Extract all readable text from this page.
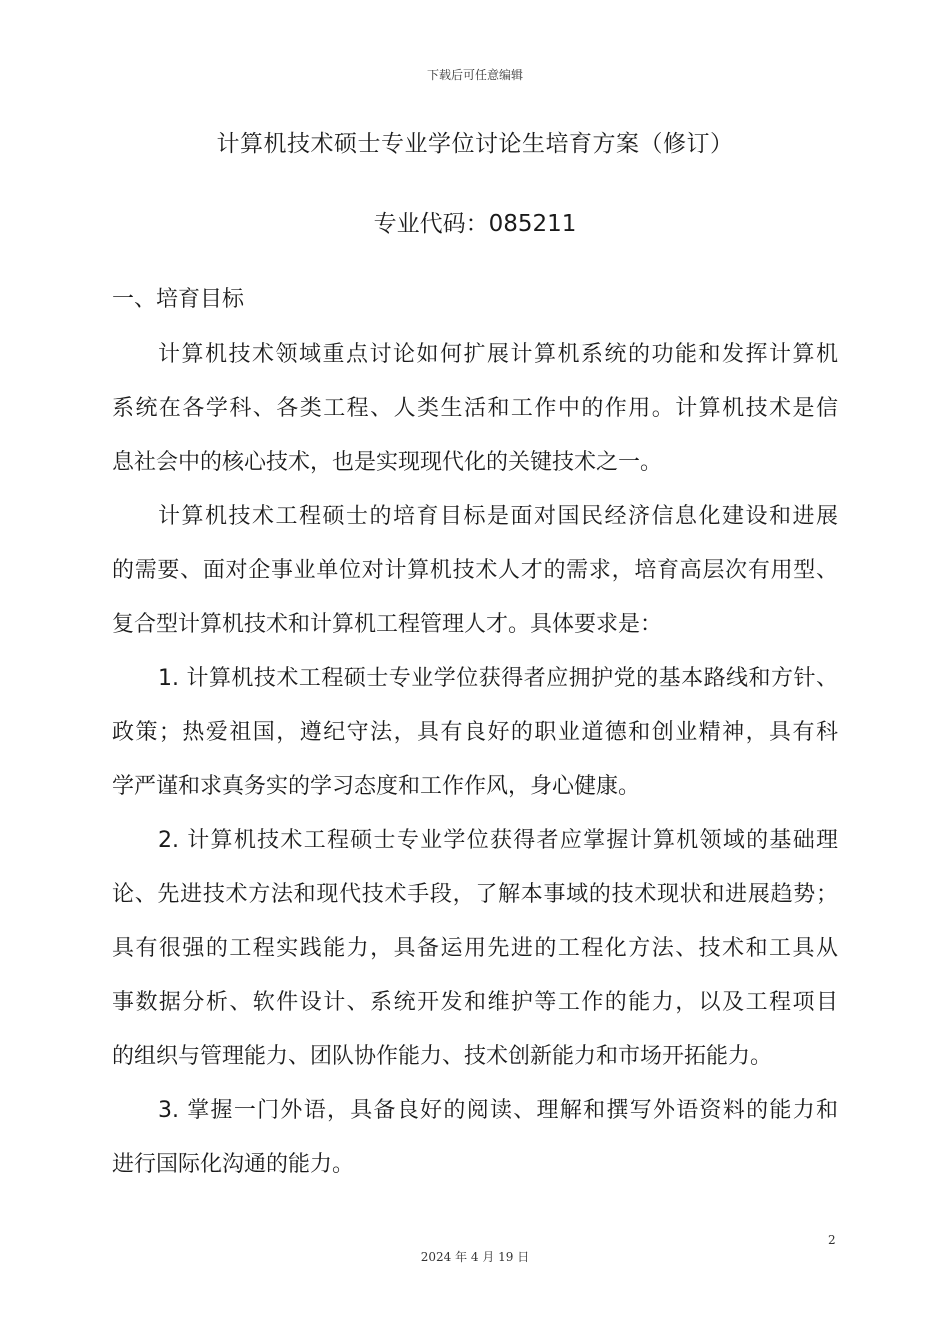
下载后可任意编辑
计算机技术硕士专业学位讨论生培育方案（修订）
专业代码：085211
一、培育目标
计算机技术领域重点讨论如何扩展计算机系统的功能和发挥计算机
系统在各学科、各类工程、人类生活和工作中的作用。计算机技术是信
息社会中的核心技术，也是实现现代化的关键技术之一。
计算机技术工程硕士的培育目标是面对国民经济信息化建设和进展
的需要、面对企事业单位对计算机技术人才的需求，培育高层次有用型、
复合型计算机技术和计算机工程管理人才。具体要求是：
1. 计算机技术工程硕士专业学位获得者应拥护党的基本路线和方针、
政策；热爱祖国，遵纪守法，具有良好的职业道德和创业精神，具有科
学严谨和求真务实的学习态度和工作作风，身心健康。
2. 计算机技术工程硕士专业学位获得者应掌握计算机领域的基础理
论、先进技术方法和现代技术手段，了解本事域的技术现状和进展趋势；
具有很强的工程实践能力，具备运用先进的工程化方法、技术和工具从
事数据分析、软件设计、系统开发和维护等工作的能力，以及工程项目
的组织与管理能力、团队协作能力、技术创新能力和市场开拓能力。
3. 掌握一门外语，具备良好的阅读、理解和撰写外语资料的能力和
进行国际化沟通的能力。
2
2024 年 4 月 19 日
